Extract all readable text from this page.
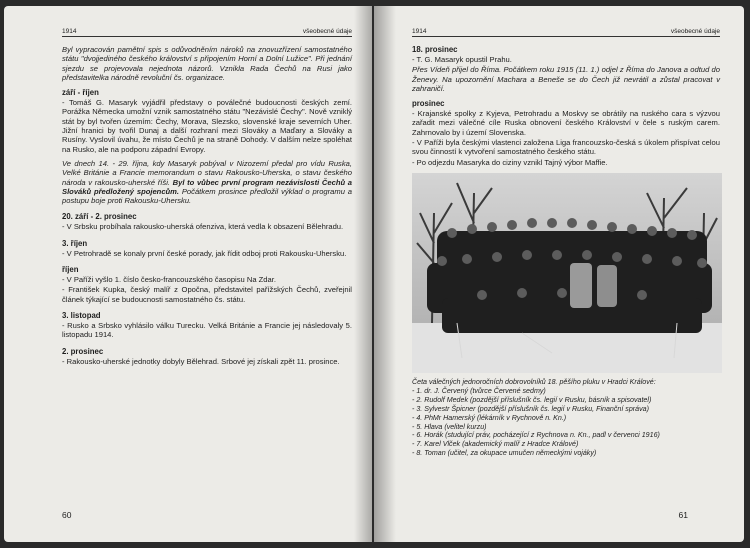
1914	všeobecné údaje

Byl vypracován pamětní spis s odůvodněním nároků na znovuzřízení samostatného státu "dvojjediného českého království s připojením Horní a Dolní Lužice". Při jednání sjezdu se projevovala nejednota názorů. Vznikla Rada Čechů na Rusi jako představitelka národně revoluční čs. organizace.

září - říjen

- Tomáš G. Masaryk vyjádřil představy o poválečné budoucnosti českých zemí. Porážka Německa umožní vznik samostatného státu "Nezávislé Čechy". Nově vzniklý stát by byl tvořen územím: Čechy, Morava, Slezsko, slovenské kraje severních Uher. Jižní hranici by tvořil Dunaj a další rozhraní mezi Slováky a Maďary a Slováky a Rusíny. Vyslovil úvahu, že místo Čechů je na straně Dohody. V dalším nelze spoléhat na Rusko, ale na podporu západní Evropy.

Ve dnech 14. - 29. října, kdy Masaryk pobýval v Nizozemí předal pro vídu Ruska, Velké Británie a Francie memorandum o stavu Rakousko-Uherska, o stavu českého národa v rakousko-uherské říši. Byl to vůbec první program nezávislosti Čechů a Slováků předložený spojencům. Počátkem prosince předložil výklad o programu a postupu boje proti Rakousku-Uhersku.

20. září - 2. prosinec

- V Srbsku probíhala rakousko-uherská ofenziva, která vedla k obsazení Bělehradu.

3. říjen

- V Petrohradě se konaly první české porady, jak řídit odboj proti Rakousku-Uhersku.

říjen

- V Paříži vyšlo 1. číslo česko-francouzského časopisu Na Zdar.

- František Kupka, český malíř z Opočna, představitel pařížských Čechů, zveřejnil článek týkající se budoucnosti samostatného čs. státu.

3. listopad

- Rusko a Srbsko vyhlásilo válku Turecku. Velká Británie a Francie jej následovaly 5. listopadu 1914.

2. prosinec

- Rakousko-uherské jednotky dobyly Bělehrad. Srbové jej získali zpět 11. prosince.

60
1914	všeobecné údaje
18. prosinec

- T. G. Masaryk opustil Prahu.

Přes Vídeň přijel do Říma. Počátkem roku 1915 (11. 1.) odjel z Říma do Janova a odtud do Ženevy. Na upozornění Machara a Beneše se do Čech již nevrátil a zůstal pracovat v zahraničí.

prosinec

- Krajanské spolky z Kyjeva, Petrohradu a Moskvy se obrátily na ruského cara s výzvou zařadit mezi válečné cíle Ruska obnovení českého Království v čele s ruským carem. Zahrnovalo by i území Slovenska.

- V Paříži byla českými vlastenci založena Liga francouzsko-česká s úkolem přispívat celou svou činností k vytvoření samostatného českého státu.

- Po odjezdu Masaryka do ciziny vznikl Tajný výbor Maffie.

Četa válečných jednoročních dobrovolníků 18. pěšího pluku v Hradci Králové:

- 1. dr. J. Červený (tvůrce Červené sedmy)

- 2. Rudolf Medek (pozdější příslušník čs. legií v Rusku, básník a spisovatel)

- 3. Sylvestr Špicner (pozdější příslušník čs. legií v Rusku, Finanční správa)

- 4. PhMr Hamerský (lékárník v Rychnově n. Kn.)

- 5. Hlava (velitel kurzu)

- 6. Horák (studující práv, pocházející z Rychnova n. Kn., padl v červenci 1916)

- 7. Karel Vlček (akademický malíř z Hradce Králové)

- 8. Toman (učitel, za okupace umučen německými vojáky)

61
